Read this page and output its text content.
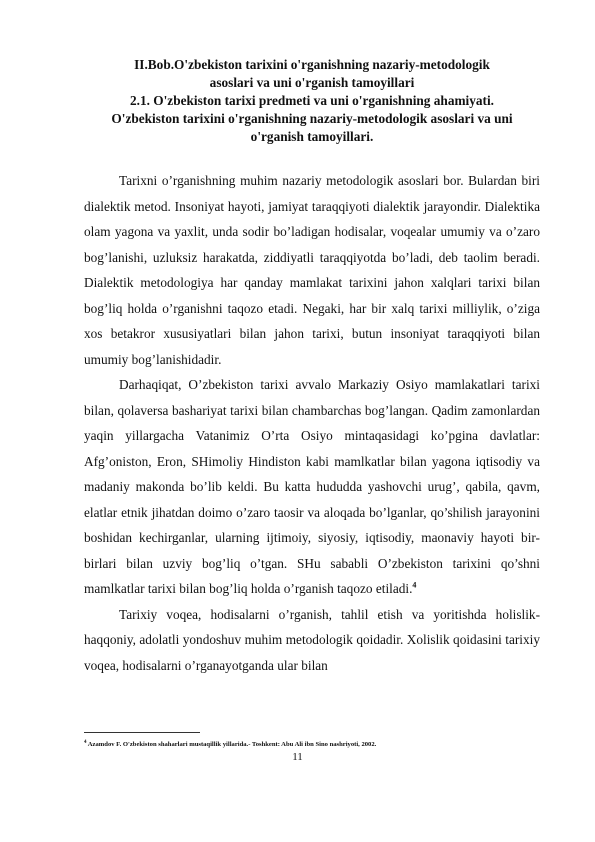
II.Bob.O'zbekiston tarixini o'rganishning nazariy-metodologik
asoslari va uni o'rganish tamoyillari
2.1. O'zbekiston tarixi predmeti va uni o'rganishning ahamiyati.
O'zbekiston tarixini o'rganishning nazariy-metodologik asoslari va uni
o'rganish tamoyillari.

Tarixni o’rganishning muhim nazariy metodologik asoslari bor. Bulardan biri dialektik metod. Insoniyat hayoti, jamiyat taraqqiyoti dialektik jarayondir. Dialektika olam yagona va yaxlit, unda sodir bo’ladigan hodisalar, voqealar umumiy va o’zaro bog’lanishi, uzluksiz harakatda, ziddiyatli taraqqiyotda bo’ladi, deb taolim beradi. Dialektik metodologiya har qanday mamlakat tarixini jahon xalqlari tarixi bilan bog’liq holda o’rganishni taqozo etadi. Negaki, har bir xalq tarixi milliylik, o’ziga xos betakror xususiyatlari bilan jahon tarixi, butun insoniyat taraqqiyoti bilan umumiy bog’lanishidadir.

Darhaqiqat, O’zbekiston tarixi avvalo Markaziy Osiyo mamlakatlari tarixi bilan, qolaversa bashariyat tarixi bilan chambarchas bog’langan. Qadim zamonlardan yaqin yillargacha Vatanimiz O’rta Osiyo mintaqasidagi ko’pgina davlatlar: Afg’oniston, Eron, SHimoliy Hindiston kabi mamlkatlar bilan yagona iqtisodiy va madaniy makonda bo’lib keldi. Bu katta hududda yashovchi urug’, qabila, qavm, elatlar etnik jihatdan doimo o’zaro taosir va aloqada bo’lganlar, qo’shilish jarayonini boshidan kechirganlar, ularning ijtimoiy, siyosiy, iqtisodiy, maonaviy hayoti bir-birlari bilan uzviy bog’liq o’tgan. SHu sababli O’zbekiston tarixini qo’shni mamlkatlar tarixi bilan bog’liq holda o’rganish taqozo etiladi.$^4$

Tarixiy voqea, hodisalarni o’rganish, tahlil etish va yoritishda holislik-haqqoniy, adolatli yondoshuv muhim metodologik qoidadir. Xolislik qoidasini tarixiy voqea, hodisalarni o’rganayotganda ular bilan

$^4$ Azamdov F. O'zbekiston shaharlari mustaqillik yillarida.- Toshkent: Abu Ali ibn Sino nashriyoti, 2002.
11
